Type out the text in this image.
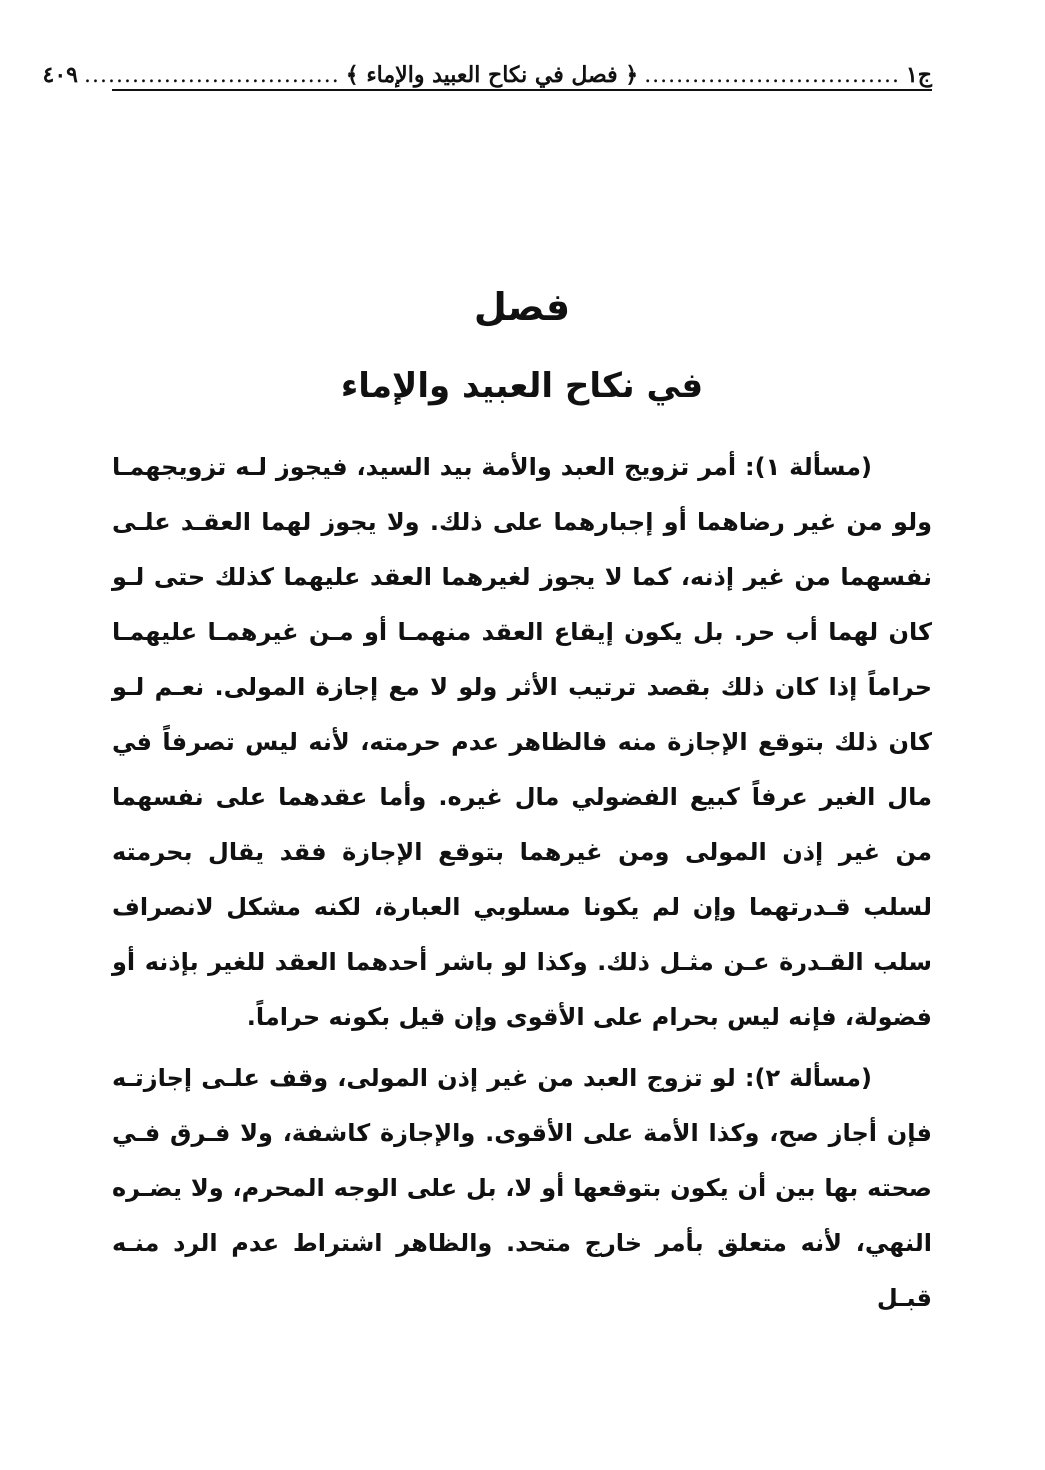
ج١
................................
﴿ فصل في نكاح العبيد والإماء ﴾
................................
٤٠٩
فصل
في نكاح العبيد والإماء

(مسألة ١): أمر تزويج العبد والأمة بيد السيد، فيجوز لـه تزويجهمـا ولو من غير رضاهما أو إجبارهما على ذلك. ولا يجوز لهما العقـد علـى نفسهما من غير إذنه، كما لا يجوز لغيرهما العقد عليهما كذلك حتى لـو كان لهما أب حر. بل يكون إيقاع العقد منهمـا أو مـن غيرهمـا عليهمـا حراماً إذا كان ذلك بقصد ترتيب الأثر ولو لا مع إجازة المولى. نعـم لـو كان ذلك بتوقع الإجازة منه فالظاهر عدم حرمته، لأنه ليس تصرفاً في مال الغير عرفاً كبيع الفضولي مال غيره. وأما عقدهما على نفسهما من غير إذن المولى ومن غيرهما بتوقع الإجازة فقد يقال بحرمته لسلب قـدرتهما وإن لم يكونا مسلوبي العبارة، لكنه مشكل لانصراف سلب القـدرة عـن مثـل ذلك. وكذا لو باشر أحدهما العقد للغير بإذنه أو فضولة، فإنه ليس بحرام على الأقوى وإن قيل بكونه حراماً.

(مسألة ٢): لو تزوج العبد من غير إذن المولى، وقف علـى إجازتـه فإن أجاز صح، وكذا الأمة على الأقوى. والإجازة كاشفة، ولا فـرق فـي صحته بها بين أن يكون بتوقعها أو لا، بل على الوجه المحرم، ولا يضـره النهي، لأنه متعلق بأمر خارج متحد. والظاهر اشتراط عدم الرد منـه قبـل
